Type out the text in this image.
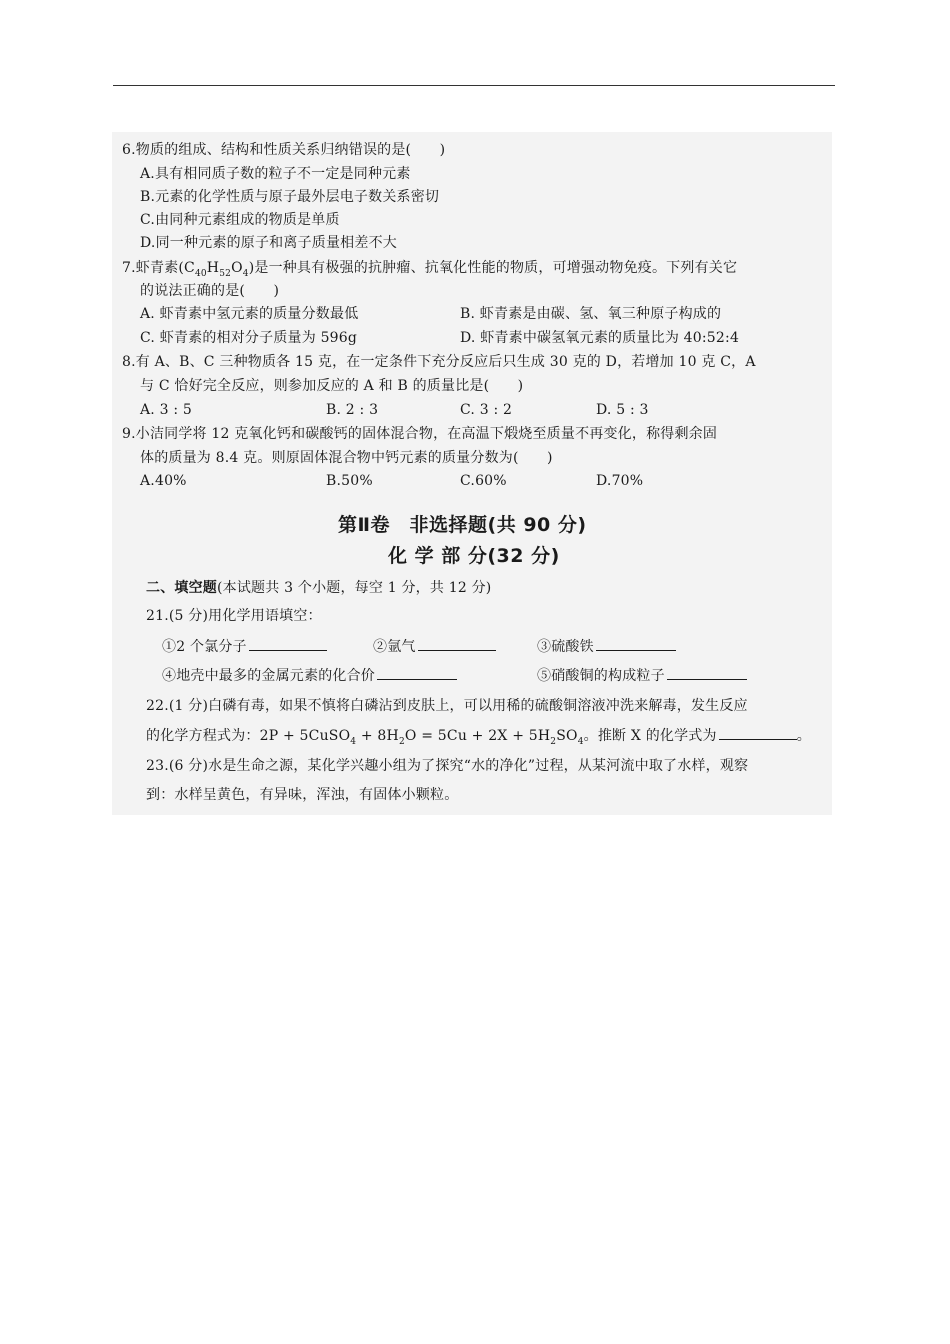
6.物质的组成、结构和性质关系归纳错误的是(　　)
A.具有相同质子数的粒子不一定是同种元素
B.元素的化学性质与原子最外层电子数关系密切
C.由同种元素组成的物质是单质
D.同一种元素的原子和离子质量相差不大
7.虾青素$(C_{40}H_{52}O_4)$是一种具有极强的抗肿瘤、抗氧化性能的物质，可增强动物免疫。下列有关它
的说法正确的是(　　)
A. 虾青素中氢元素的质量分数最低	B. 虾青素是由碳、氢、氧三种原子构成的
C. 虾青素的相对分子质量为 596g	D. 虾青素中碳氢氧元素的质量比为 40:52:4
8.有 A、B、C 三种物质各 15 克，在一定条件下充分反应后只生成 30 克的 D，若增加 10 克 C，A
与 C 恰好完全反应，则参加反应的 A 和 B 的质量比是(　　)
A. 3 : 5	B. 2 : 3	C. 3 : 2	D. 5 : 3
9.小洁同学将 12 克氧化钙和碳酸钙的固体混合物，在高温下煅烧至质量不再变化，称得剩余固
体的质量为 8.4 克。则原固体混合物中钙元素的质量分数为(　　)
A.40%	B.50%	C.60%	D.70%
第Ⅱ卷　非选择题(共 90 分)
化 学 部 分(32 分)
二、填空题(本试题共 3 个小题，每空 1 分，共 12 分)
21.(5 分)用化学用语填空：
①2 个氯分子	②氩气	③硫酸铁
④地壳中最多的金属元素的化合价	⑤硝酸铜的构成粒子
22.(1 分)白磷有毒，如果不慎将白磷沾到皮肤上，可以用稀的硫酸铜溶液冲洗来解毒，发生反应
的化学方程式为：2P + 5CuSO$_4$ + $8H_2O = 5Cu + 2X + 5H_2SO_4$。推断 X 的化学式为	。
23.(6 分)水是生命之源，某化学兴趣小组为了探究“水的净化”过程，从某河流中取了水样，观察
到：水样呈黄色，有异味，浑浊，有固体小颗粒。
